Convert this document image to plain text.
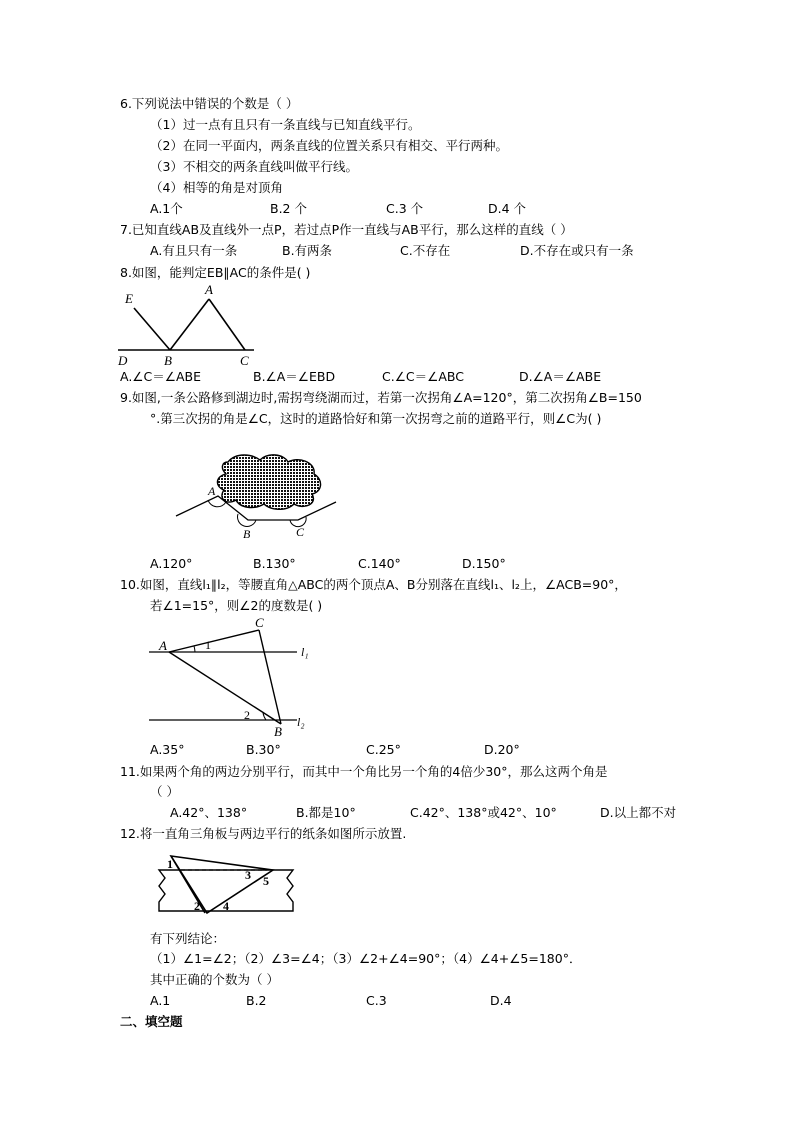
6.下列说法中错误的个数是（ ）
（1）过一点有且只有一条直线与已知直线平行。
（2）在同一平面内，两条直线的位置关系只有相交、平行两种。
（3）不相交的两条直线叫做平行线。
（4）相等的角是对顶角
A.1个	B.2 个	C.3 个	D.4 个
7.已知直线AB及直线外一点P，若过点P作一直线与AB平行，那么这样的直线（ ）
A.有且只有一条	B.有两条	C.不存在	D.不存在或只有一条
8.如图，能判定EB∥AC的条件是( )
E
A
D	B	C
A.∠C＝∠ABE	B.∠A＝∠EBD	C.∠C＝∠ABC	D.∠A＝∠ABE
9.如图,一条公路修到湖边时,需拐弯绕湖而过，若第一次拐角∠A=120°，第二次拐角∠B=150
°.第三次拐的角是∠C，这时的道路恰好和第一次拐弯之前的道路平行，则∠C为( )
A
B	C
A.120°	B.130°	C.140°	D.150°
10.如图，直线l₁∥l₂，等腰直角△ABC的两个顶点A、B分别落在直线l₁、l₂上，∠ACB=90°，
若∠1=15°，则∠2的度数是( )
A
C
B
1
2
l₁
l₂
A.35°	B.30°	C.25°	D.20°
11.如果两个角的两边分别平行，而其中一个角比另一个角的4倍少30°，那么这两个角是
（ ）
A.42°、138°	B.都是10°	C.42°、138°或42°、10°	D.以上都不对
12.将一直角三角板与两边平行的纸条如图所示放置.
1
2
3
4
5
有下列结论：
（1）∠1=∠2；（2）∠3=∠4；（3）∠2+∠4=90°；（4）∠4+∠5=180°．
其中正确的个数为（ ）
A.1	B.2	C.3	D.4
二、填空题
